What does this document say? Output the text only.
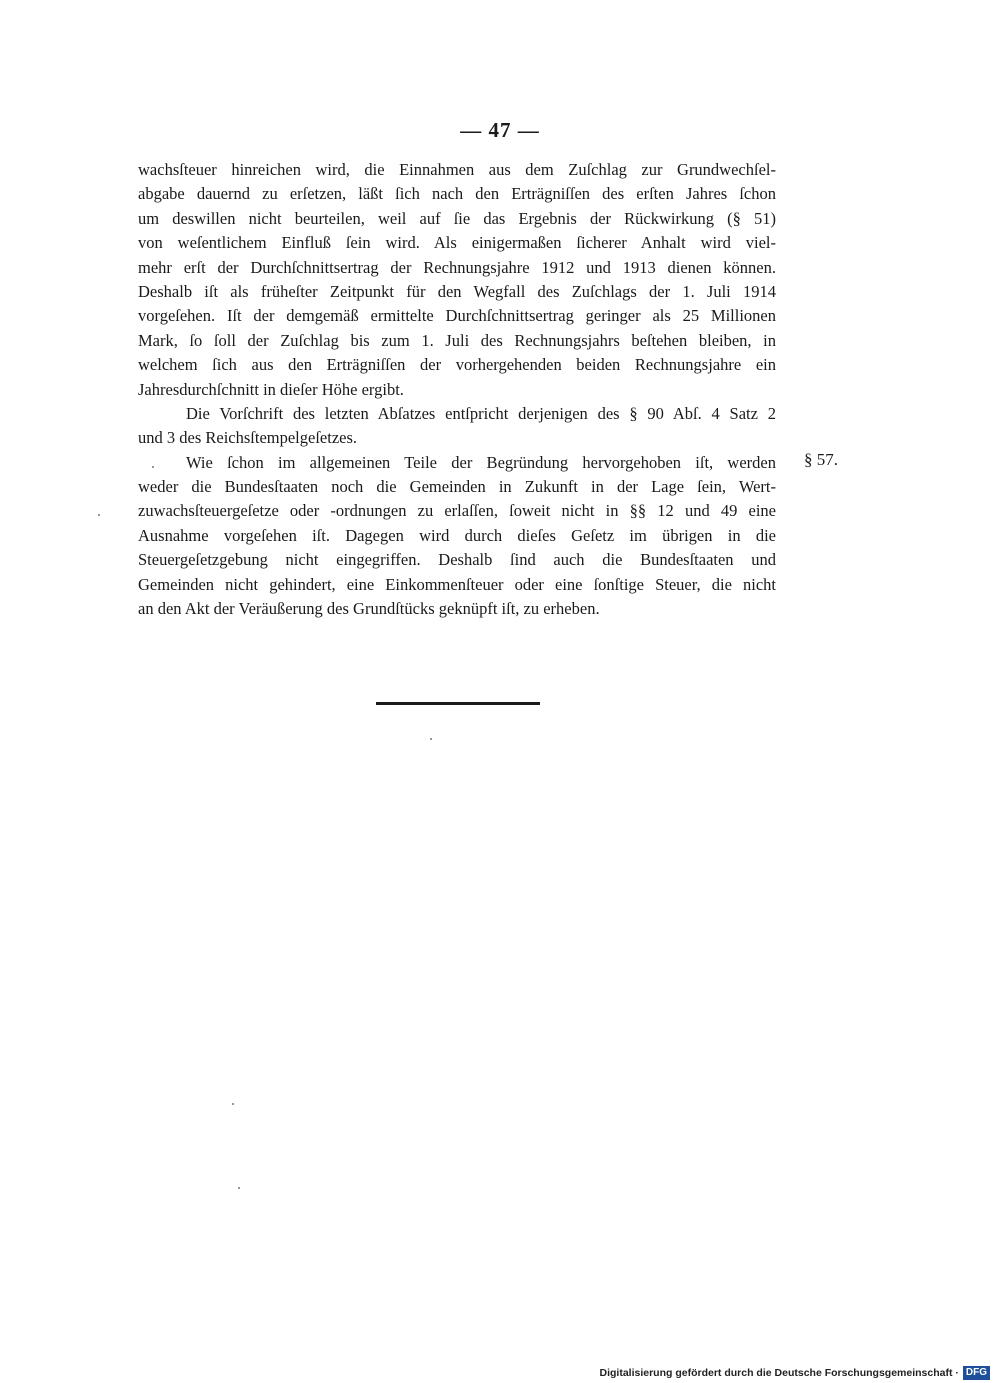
— 47 —

wachsſteuer hinreichen wird, die Einnahmen aus dem Zuſchlag zur Grundwechſel-
abgabe dauernd zu erſetzen, läßt ſich nach den Erträgniſſen des erſten Jahres ſchon
um deswillen nicht beurteilen, weil auf ſie das Ergebnis der Rückwirkung (§ 51)
von weſentlichem Einfluß ſein wird. Als einigermaßen ſicherer Anhalt wird viel-
mehr erſt der Durchſchnittsertrag der Rechnungsjahre 1912 und 1913 dienen können.
Deshalb iſt als früheſter Zeitpunkt für den Wegfall des Zuſchlags der 1. Juli 1914
vorgeſehen. Iſt der demgemäß ermittelte Durchſchnittsertrag geringer als 25 Millionen
Mark, ſo ſoll der Zuſchlag bis zum 1. Juli des Rechnungsjahrs beſtehen bleiben, in
welchem ſich aus den Erträgniſſen der vorhergehenden beiden Rechnungsjahre ein
Jahresdurchſchnitt in dieſer Höhe ergibt.

Die Vorſchrift des letzten Abſatzes entſpricht derjenigen des § 90 Abſ. 4 Satz 2
und 3 des Reichsſtempelgeſetzes.

Wie ſchon im allgemeinen Teile der Begründung hervorgehoben iſt, werden
weder die Bundesſtaaten noch die Gemeinden in Zukunft in der Lage ſein, Wert-
zuwachsſteuergeſetze oder -ordnungen zu erlaſſen, ſoweit nicht in §§ 12 und 49 eine
Ausnahme vorgeſehen iſt. Dagegen wird durch dieſes Geſetz im übrigen in die
Steuergeſetzgebung nicht eingegriffen. Deshalb ſind auch die Bundesſtaaten und
Gemeinden nicht gehindert, eine Einkommenſteuer oder eine ſonſtige Steuer, die nicht
an den Akt der Veräußerung des Grundſtücks geknüpft iſt, zu erheben.

§ 57.
Digitalisierung gefördert durch die Deutsche Forschungsgemeinschaft · DFG
